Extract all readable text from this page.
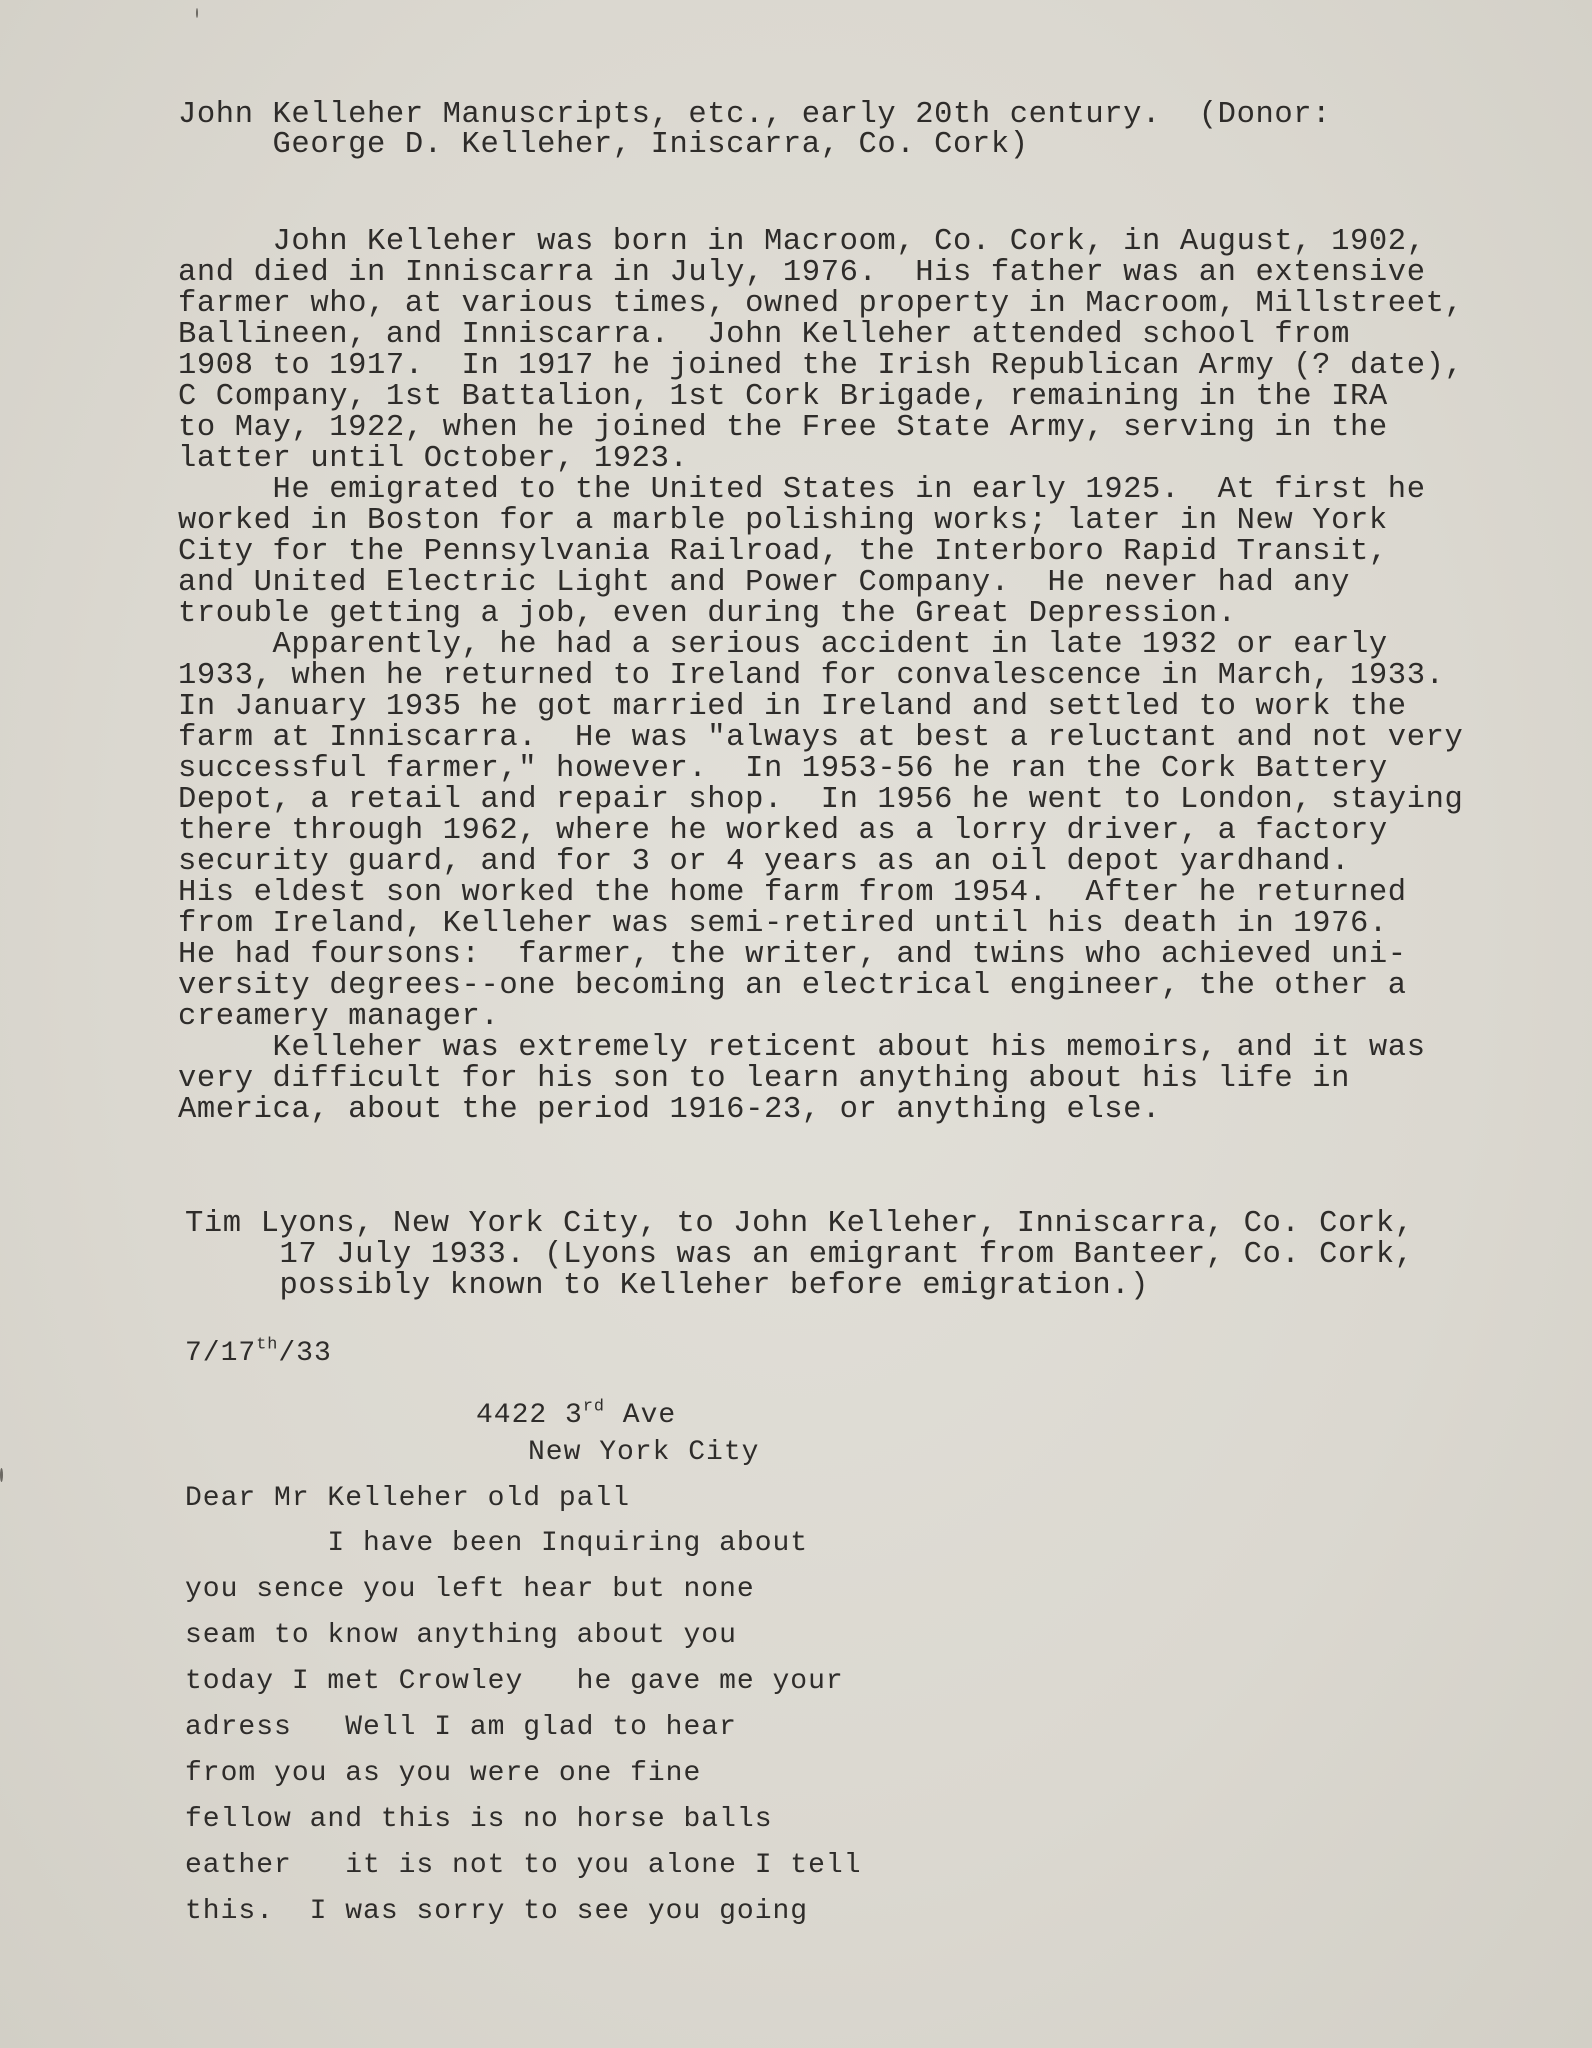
John Kelleher Manuscripts, etc., early 20th century.  (Donor:
George D. Kelleher, Iniscarra, Co. Cork)
John Kelleher was born in Macroom, Co. Cork, in August, 1902,
and died in Inniscarra in July, 1976.  His father was an extensive
farmer who, at various times, owned property in Macroom, Millstreet,
Ballineen, and Inniscarra.  John Kelleher attended school from
1908 to 1917.  In 1917 he joined the Irish Republican Army (? date),
C Company, 1st Battalion, 1st Cork Brigade, remaining in the IRA
to May, 1922, when he joined the Free State Army, serving in the
latter until October, 1923.
He emigrated to the United States in early 1925.  At first he
worked in Boston for a marble polishing works; later in New York
City for the Pennsylvania Railroad, the Interboro Rapid Transit,
and United Electric Light and Power Company.  He never had any
trouble getting a job, even during the Great Depression.
Apparently, he had a serious accident in late 1932 or early
1933, when he returned to Ireland for convalescence in March, 1933.
In January 1935 he got married in Ireland and settled to work the
farm at Inniscarra.  He was "always at best a reluctant and not very
successful farmer," however.  In 1953-56 he ran the Cork Battery
Depot, a retail and repair shop.  In 1956 he went to London, staying
there through 1962, where he worked as a lorry driver, a factory
security guard, and for 3 or 4 years as an oil depot yardhand.
His eldest son worked the home farm from 1954.  After he returned
from Ireland, Kelleher was semi-retired until his death in 1976.
He had foursons:  farmer, the writer, and twins who achieved uni-
versity degrees--one becoming an electrical engineer, the other a
creamery manager.
Kelleher was extremely reticent about his memoirs, and it was
very difficult for his son to learn anything about his life in
America, about the period 1916-23, or anything else.
Tim Lyons, New York City, to John Kelleher, Inniscarra, Co. Cork,
17 July 1933. (Lyons was an emigrant from Banteer, Co. Cork,
possibly known to Kelleher before emigration.)
7/17th/33
4422 3rd Ave
New York City
Dear Mr Kelleher old pall
I have been Inquiring about
you sence you left hear but none
seam to know anything about you
today I met Crowley   he gave me your
adress   Well I am glad to hear
from you as you were one fine
fellow and this is no horse balls
eather   it is not to you alone I tell
this.  I was sorry to see you going
